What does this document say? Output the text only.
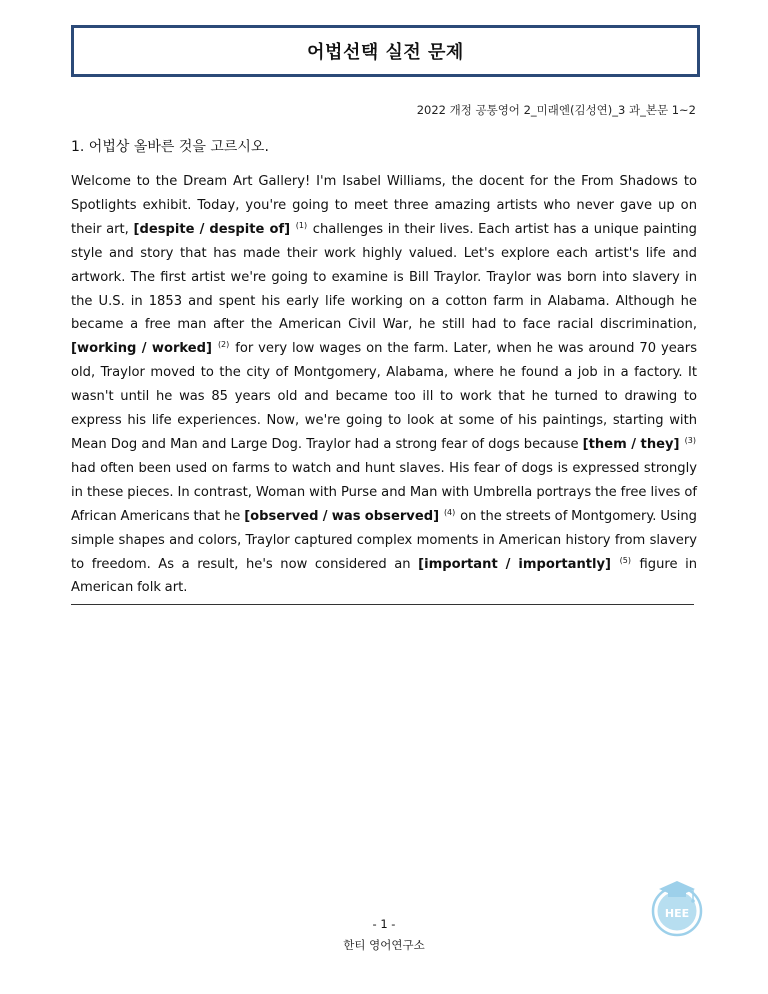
어법선택 실전 문제
2022 개정 공통영어 2_미래엔(김성연)_3 과_본문 1~2
1. 어법상 올바른 것을 고르시오.
Welcome to the Dream Art Gallery! I'm Isabel Williams, the docent for the From Shadows to Spotlights exhibit. Today, you're going to meet three amazing artists who never gave up on their art, [despite / despite of] $^{(1)}$ challenges in their lives. Each artist has a unique painting style and story that has made their work highly valued. Let's explore each artist's life and artwork. The first artist we're going to examine is Bill Traylor. Traylor was born into slavery in the U.S. in 1853 and spent his early life working on a cotton farm in Alabama. Although he became a free man after the American Civil War, he still had to face racial discrimination, [working / worked] $^{(2)}$ for very low wages on the farm. Later, when he was around 70 years old, Traylor moved to the city of Montgomery, Alabama, where he found a job in a factory. It wasn't until he was 85 years old and became too ill to work that he turned to drawing to express his life experiences. Now, we're going to look at some of his paintings, starting with Mean Dog and Man and Large Dog. Traylor had a strong fear of dogs because [them / they] $^{(3)}$ had often been used on farms to watch and hunt slaves. His fear of dogs is expressed strongly in these pieces. In contrast, Woman with Purse and Man with Umbrella portrays the free lives of African Americans that he [observed / was observed] $^{(4)}$ on the streets of Montgomery. Using simple shapes and colors, Traylor captured complex moments in American history from slavery to freedom. As a result, he's now considered an [important / importantly] $^{(5)}$ figure in American folk art.
HEE
- 1 -
한티 영어연구소
